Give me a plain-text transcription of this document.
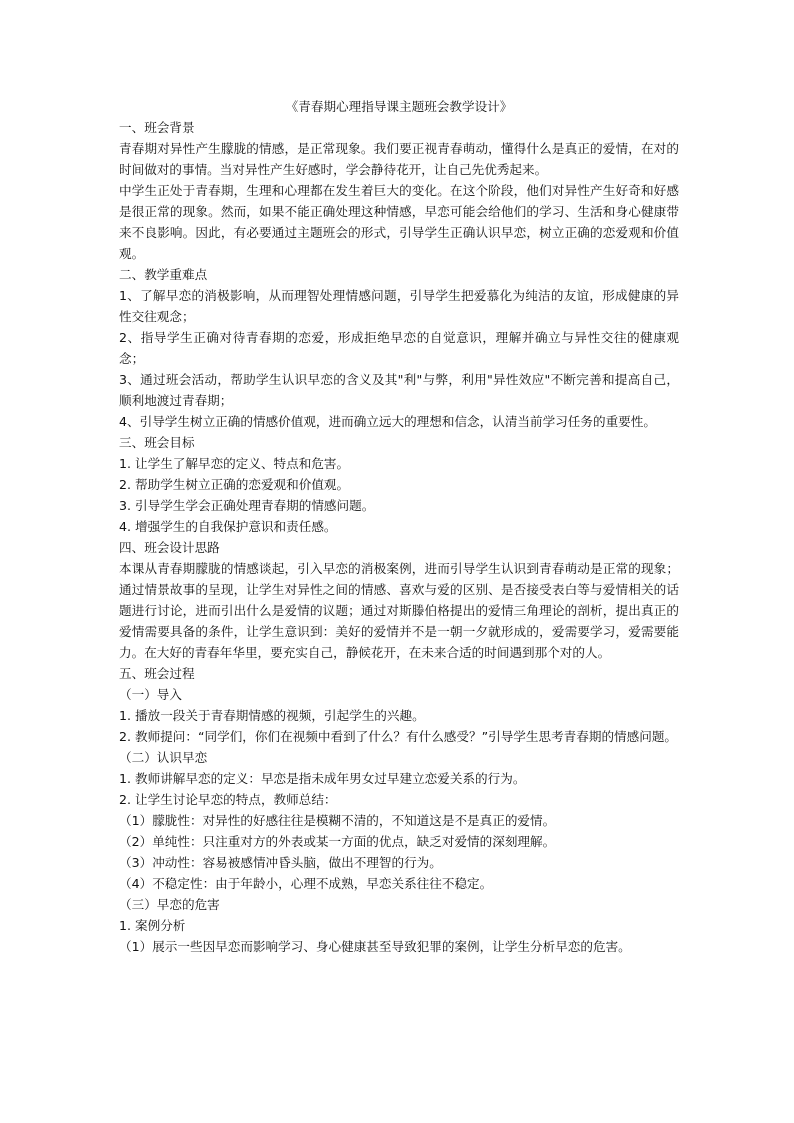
《青春期心理指导课主题班会教学设计》

一、班会背景

青春期对异性产生朦胧的情感，是正常现象。我们要正视青春萌动，懂得什么是真正的爱情，在对的时间做对的事情。当对异性产生好感时，学会静待花开，让自己先优秀起来。

中学生正处于青春期，生理和心理都在发生着巨大的变化。在这个阶段，他们对异性产生好奇和好感是很正常的现象。然而，如果不能正确处理这种情感，早恋可能会给他们的学习、生活和身心健康带来不良影响。因此，有必要通过主题班会的形式，引导学生正确认识早恋，树立正确的恋爱观和价值观。

二、教学重难点

1、了解早恋的消极影响，从而理智处理情感问题，引导学生把爱慕化为纯洁的友谊，形成健康的异性交往观念；

2、指导学生正确对待青春期的恋爱，形成拒绝早恋的自觉意识，理解并确立与异性交往的健康观念；

3、通过班会活动，帮助学生认识早恋的含义及其"利"与弊，利用"异性效应"不断完善和提高自己，顺利地渡过青春期；

4、引导学生树立正确的情感价值观，进而确立远大的理想和信念，认清当前学习任务的重要性。

三、班会目标

1. 让学生了解早恋的定义、特点和危害。

2. 帮助学生树立正确的恋爱观和价值观。

3. 引导学生学会正确处理青春期的情感问题。

4. 增强学生的自我保护意识和责任感。

四、班会设计思路

本课从青春期朦胧的情感谈起，引入早恋的消极案例，进而引导学生认识到青春萌动是正常的现象；通过情景故事的呈现，让学生对异性之间的情感、喜欢与爱的区别、是否接受表白等与爱情相关的话题进行讨论，进而引出什么是爱情的议题；通过对斯滕伯格提出的爱情三角理论的剖析，提出真正的爱情需要具备的条件，让学生意识到：美好的爱情并不是一朝一夕就形成的，爱需要学习，爱需要能力。在大好的青春年华里，要充实自己，静候花开，在未来合适的时间遇到那个对的人。

五、班会过程

（一）导入

1. 播放一段关于青春期情感的视频，引起学生的兴趣。

2. 教师提问：“同学们，你们在视频中看到了什么？有什么感受？”引导学生思考青春期的情感问题。

（二）认识早恋

1. 教师讲解早恋的定义：早恋是指未成年男女过早建立恋爱关系的行为。

2. 让学生讨论早恋的特点，教师总结：

（1）朦胧性：对异性的好感往往是模糊不清的，不知道这是不是真正的爱情。

（2）单纯性：只注重对方的外表或某一方面的优点，缺乏对爱情的深刻理解。

（3）冲动性：容易被感情冲昏头脑，做出不理智的行为。

（4）不稳定性：由于年龄小，心理不成熟，早恋关系往往不稳定。

（三）早恋的危害

1. 案例分析

（1）展示一些因早恋而影响学习、身心健康甚至导致犯罪的案例，让学生分析早恋的危害。
